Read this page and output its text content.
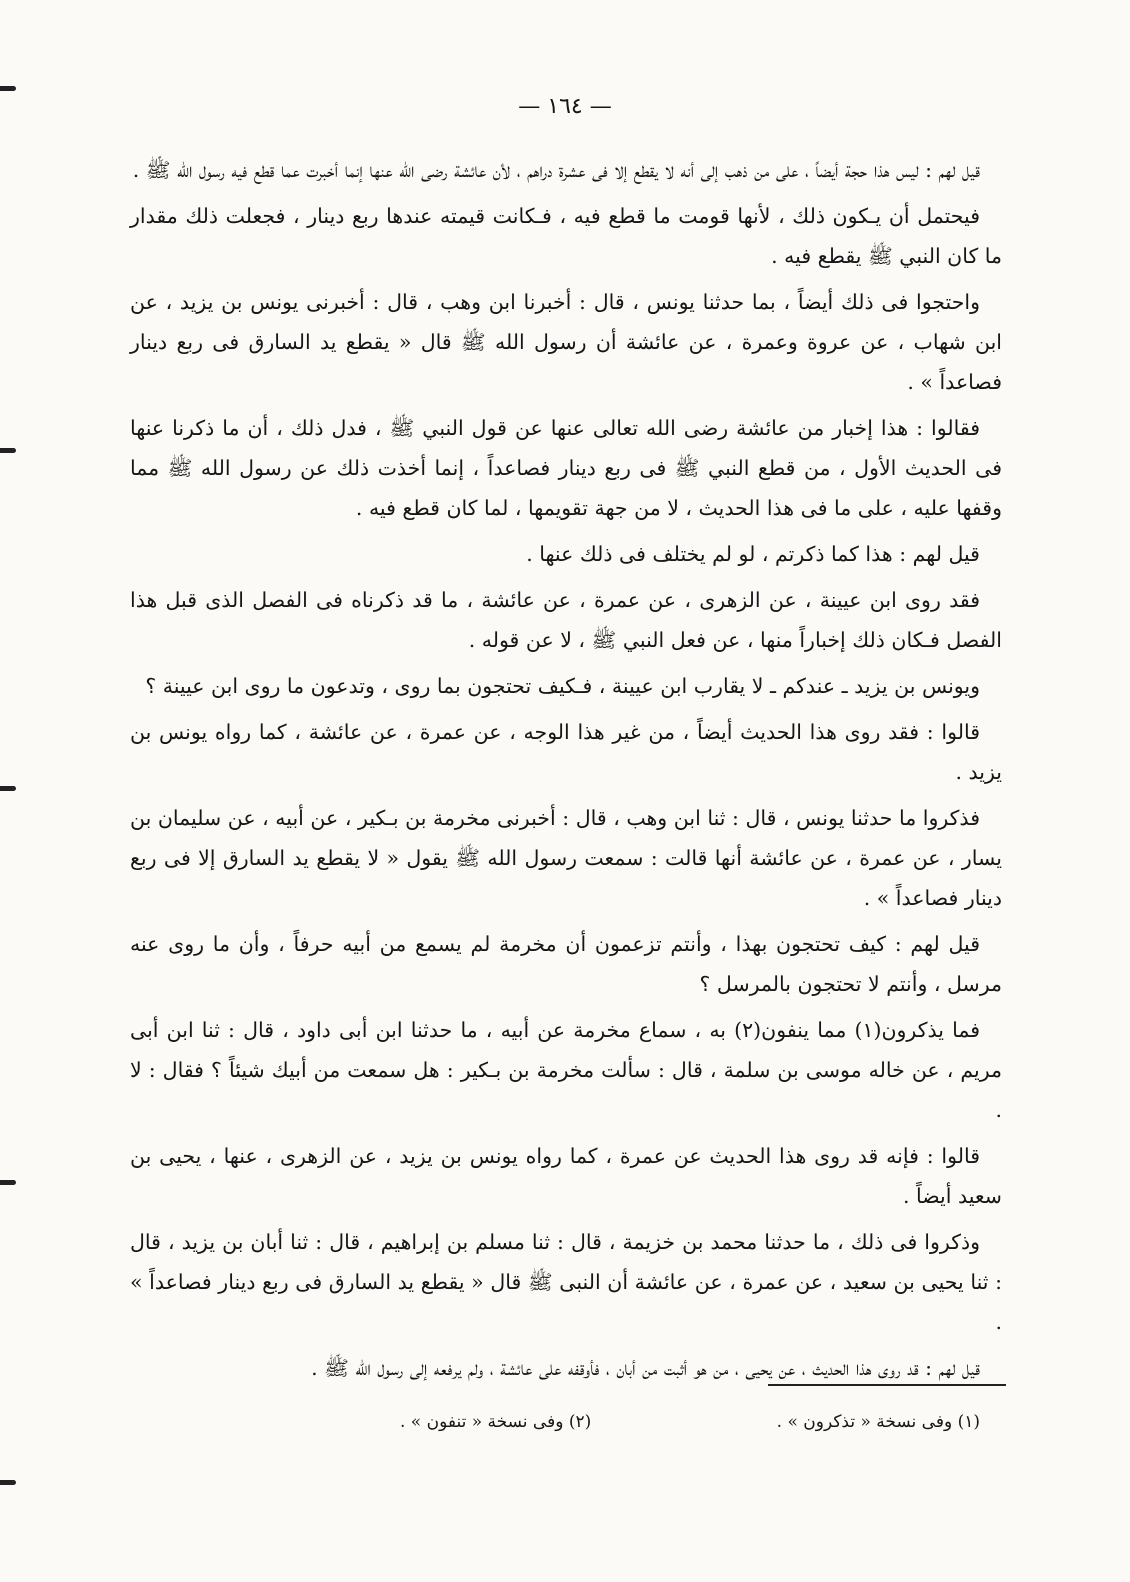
— ١٦٤ —

قيل لهم : ليس هذا حجة أيضاً ، على من ذهب إلى أنه لا يقطع إلا فى عشرة دراهم ، لأن عائشة رضى الله عنها إنما أخبرت عما قطع فيه رسول الله ﷺ .

فيحتمل أن يـكون ذلك ، لأنها قومت ما قطع فيه ، فـكانت قيمته عندها ربع دينار ، فجعلت ذلك مقدار ما كان النبي ﷺ يقطع فيه .

واحتجوا فى ذلك أيضاً ، بما حدثنا يونس ، قال : أخبرنا ابن وهب ، قال : أخبرنى يونس بن يزيد ، عن ابن شهاب ، عن عروة وعمرة ، عن عائشة أن رسول الله ﷺ قال « يقطع يد السارق فى ربع دينار فصاعداً » .

فقالوا : هذا إخبار من عائشة رضى الله تعالى عنها عن قول النبي ﷺ ، فدل ذلك ، أن ما ذكرنا عنها فى الحديث الأول ، من قطع النبي ﷺ فى ربع دينار فصاعداً ، إنما أخذت ذلك عن رسول الله ﷺ مما وقفها عليه ، على ما فى هذا الحديث ، لا من جهة تقويمها ، لما كان قطع فيه .

قيل لهم : هذا كما ذكرتم ، لو لم يختلف فى ذلك عنها .

فقد روى ابن عيينة ، عن الزهرى ، عن عمرة ، عن عائشة ، ما قد ذكرناه فى الفصل الذى قبل هذا الفصل فـكان ذلك إخباراً منها ، عن فعل النبي ﷺ ، لا عن قوله .

ويونس بن يزيد ـ عندكم ـ لا يقارب ابن عيينة ، فـكيف تحتجون بما روى ، وتدعون ما روى ابن عيينة ؟

قالوا : فقد روى هذا الحديث أيضاً ، من غير هذا الوجه ، عن عمرة ، عن عائشة ، كما رواه يونس بن يزيد .

فذكروا ما حدثنا يونس ، قال : ثنا ابن وهب ، قال : أخبرنى مخرمة بن بـكير ، عن أبيه ، عن سليمان بن يسار ، عن عمرة ، عن عائشة أنها قالت : سمعت رسول الله ﷺ يقول « لا يقطع يد السارق إلا فى ربع دينار فصاعداً » .

قيل لهم : كيف تحتجون بهذا ، وأنتم تزعمون أن مخرمة لم يسمع من أبيه حرفاً ، وأن ما روى عنه مرسل ، وأنتم لا تحتجون بالمرسل ؟

فما يذكرون(١) مما ينفون(٢) به ، سماع مخرمة عن أبيه ، ما حدثنا ابن أبى داود ، قال : ثنا ابن أبى مريم ، عن خاله موسى بن سلمة ، قال : سألت مخرمة بن بـكير : هل سمعت من أبيك شيئاً ؟ فقال : لا .

قالوا : فإنه قد روى هذا الحديث عن عمرة ، كما رواه يونس بن يزيد ، عن الزهرى ، عنها ، يحيى بن سعيد أيضاً .

وذكروا فى ذلك ، ما حدثنا محمد بن خزيمة ، قال : ثنا مسلم بن إبراهيم ، قال : ثنا أبان بن يزيد ، قال : ثنا يحيى بن سعيد ، عن عمرة ، عن عائشة أن النبى ﷺ قال « يقطع يد السارق فى ربع دينار فصاعداً » .

قيل لهم : قد روى هذا الحديث ، عن يحيى ، من هو أثبت من أبان ، فأوقفه على عائشة ، ولم يرفعه إلى رسول الله ﷺ .

(١) وفى نسخة « تذكرون » .
(٢) وفى نسخة « تنفون » .
